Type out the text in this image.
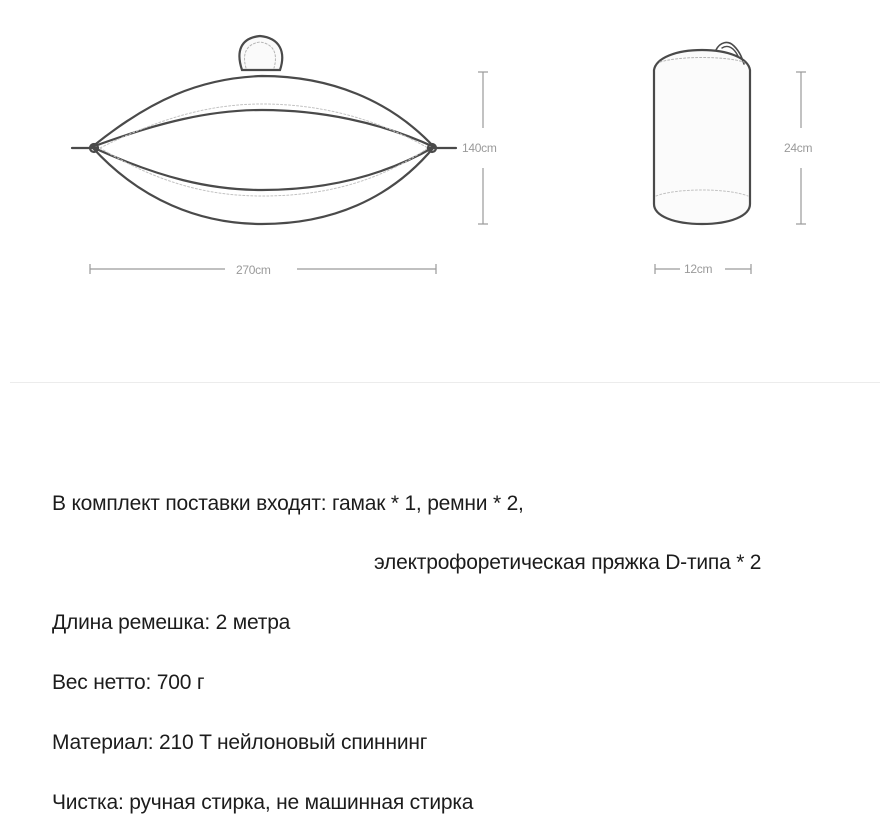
140cm
270cm
24cm
12cm
В комплект поставки входят: гамак * 1, ремни * 2,
электрофоретическая пряжка D-типа * 2
Длина ремешка: 2 метра
Вес нетто: 700 г
Материал: 210 T нейлоновый спиннинг
Чистка: ручная стирка, не машинная стирка
